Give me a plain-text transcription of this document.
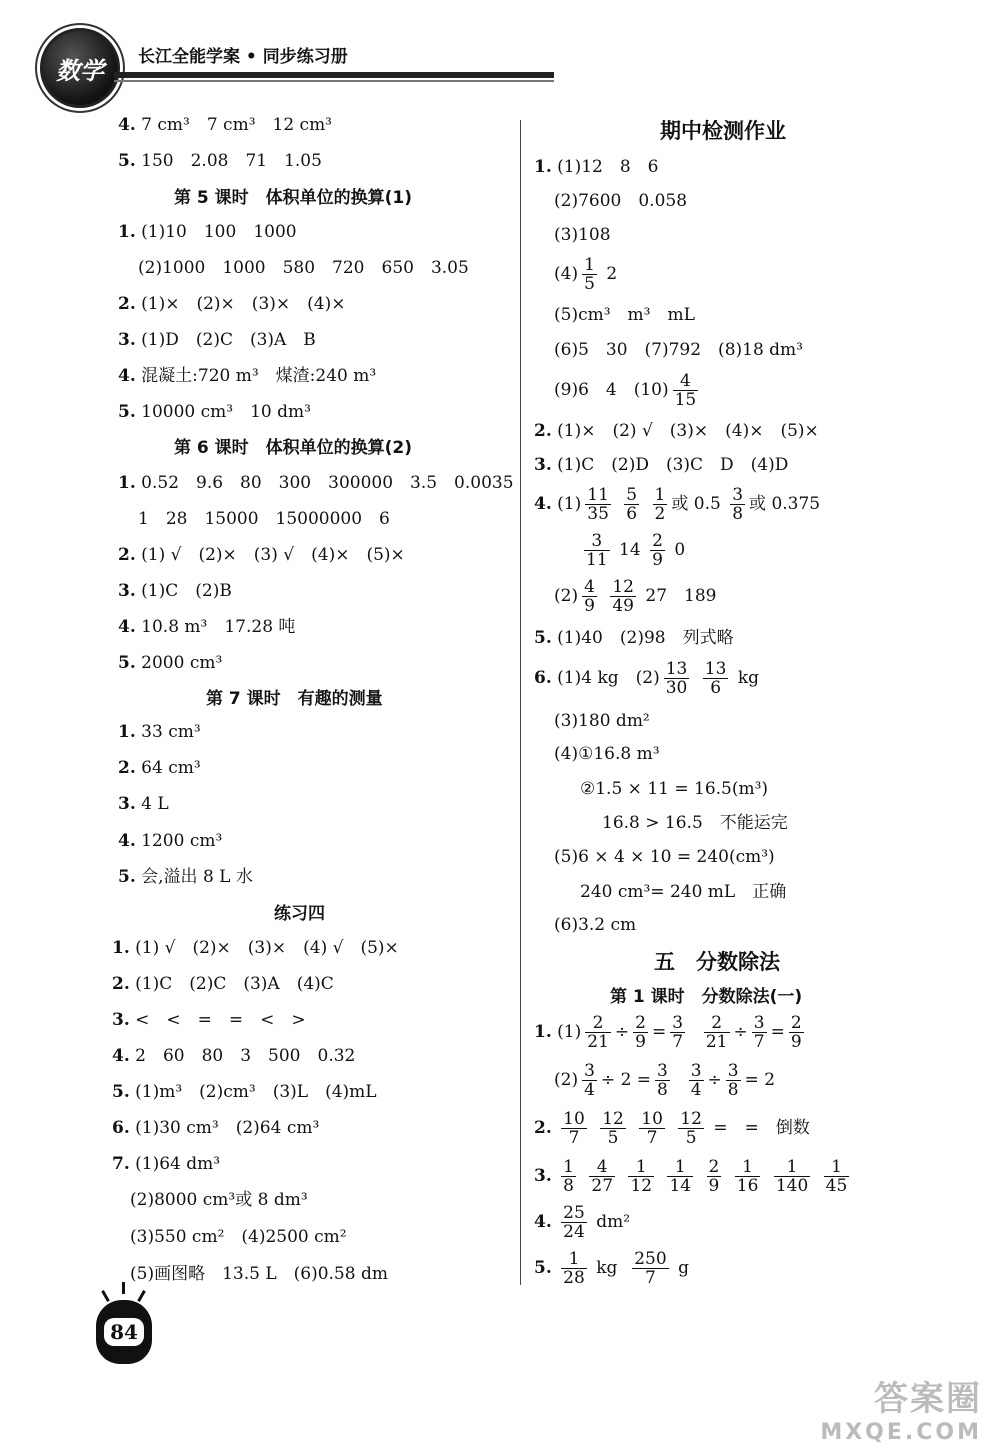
数学 长江全能学案 • 同步练习册
4. 7 cm³　7 cm³　12 cm³
5. 150　2.08　71　1.05
第 5 课时　体积单位的换算(1)
1. (1)10　100　1000
(2)1000　1000　580　720　650　3.05
2. (1)×　(2)×　(3)×　(4)×
3. (1)D　(2)C　(3)A　B
4. 混凝土:720 m³　煤渣:240 m³
5. 10000 cm³　10 dm³
第 6 课时　体积单位的换算(2)
1. 0.52　9.6　80　300　300000　3.5　0.0035
1　28　15000　15000000　6
2. (1) √　(2)×　(3) √　(4)×　(5)×
3. (1)C　(2)B
4. 10.8 m³　17.28 吨
5. 2000 cm³
第 7 课时　有趣的测量
1. 33 cm³
2. 64 cm³
3. 4 L
4. 1200 cm³
5. 会,溢出 8 L 水
练习四
1. (1) √　(2)×　(3)×　(4) √　(5)×
2. (1)C　(2)C　(3)A　(4)C
3. <　<　=　=　<　>
4. 2　60　80　3　500　0.32
5. (1)m³　(2)cm³　(3)L　(4)mL
6. (1)30 cm³　(2)64 cm³
7. (1)64 dm³
(2)8000 cm³或 8 dm³
(3)550 cm²　(4)2500 cm²
(5)画图略　13.5 L　(6)0.58 dm
期中检测作业
1. (1)12　8　6
(2)7600　0.058
(3)108
$(4) \frac{1}{5} 2$
(5)cm³　m³　mL
(6)5　30　(7)792　(8)18 dm³
(9)6　4　$(10) \frac{4}{15}$
2. (1)×　(2) √　(3)×　(4)×　(5)×
3. (1)C　(2)D　(3)C　D　(4)D
4. $(1) \frac{11}{35}$
$\frac{5}{6}$
$\frac{1}{2}$ 或 $0.5 \frac{3}{8}$ 或 0.375
$\frac{3}{11} 14 \frac{2}{9} 0$
$(2) \frac{4}{9}$
$\frac{12}{49} 27$　189
5. (1)40　(2)98　列式略
6. (1)4 kg　$(2) \frac{13}{30}$
$\frac{13}{6}$ kg
(3)180 dm²
(4)①16.8 m³
②1.5 × 11 = 16.5(m³)
16.8 > 16.5　不能运完
(5)6 × 4 × 10 = 240(cm³)
240 cm³= 240 mL　正确
(6)3.2 cm
五　分数除法
第 1 课时　分数除法(一)
1. $(1) \frac{2}{21} \div \frac{2}{9} = \frac{3}{7}$
$\frac{2}{21} \div \frac{3}{7} = \frac{2}{9}$
$(2) \frac{3}{4} \div 2 = \frac{3}{8}$
$\frac{3}{4} \div \frac{3}{8} = 2$
2. $\frac{10}{7}$
$\frac{12}{5}$
$\frac{10}{7}$
$\frac{12}{5}$ =　=　倒数
3. $\frac{1}{8}$
$\frac{4}{27}$
$\frac{1}{12}$
$\frac{1}{14}$
$\frac{2}{9}$
$\frac{1}{16}$
$\frac{1}{140}$
$\frac{1}{45}$
4. $\frac{25}{24} dm^2$
5. $\frac{1}{28}$ kg $\frac{250}{7}$ g
84
答案圈
MXQE.COM
